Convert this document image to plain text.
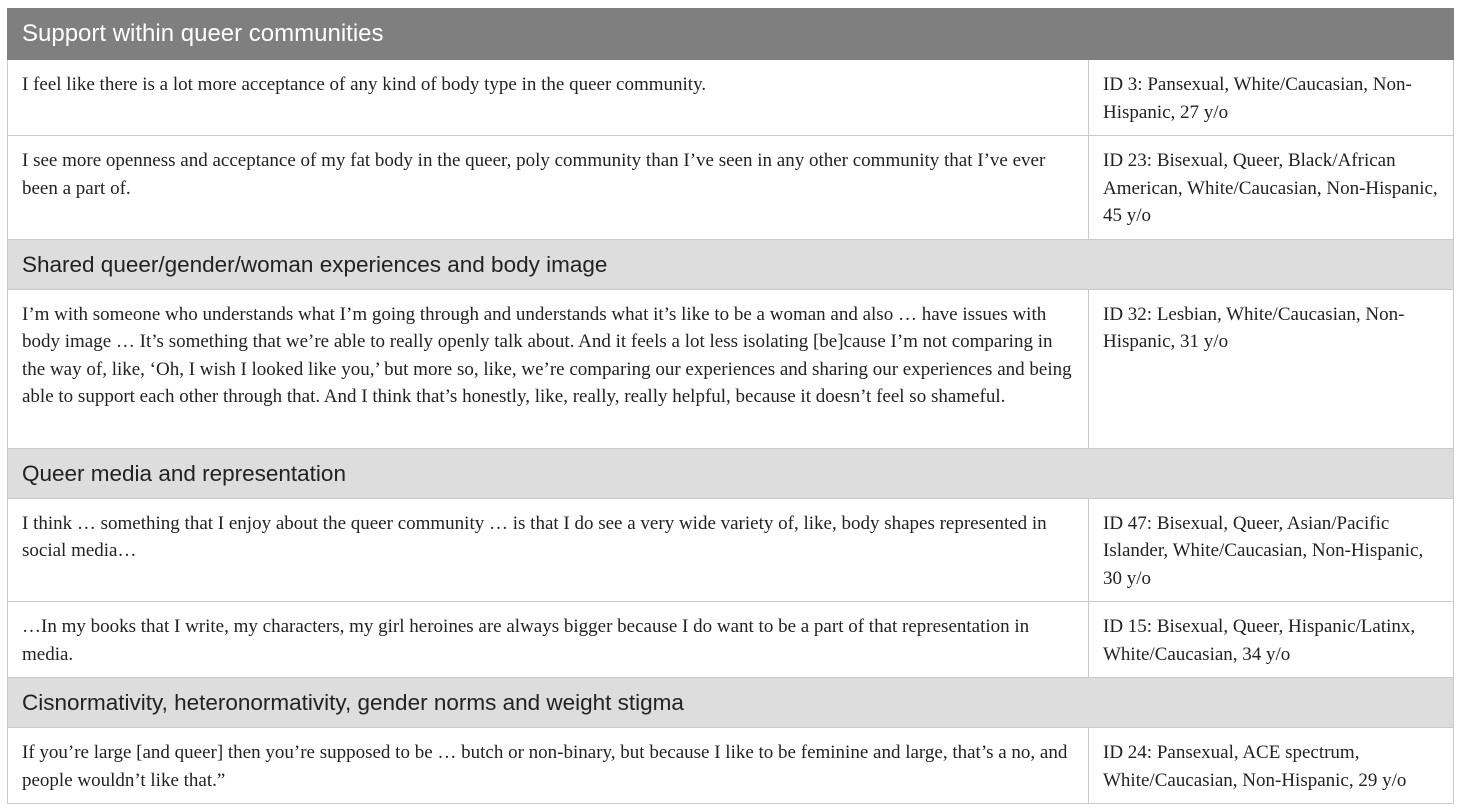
Support within queer communities	
I feel like there is a lot more acceptance of any kind of body type in the queer community.	ID 3: Pansexual, White/Caucasian, Non-Hispanic, 27 y/o
I see more openness and acceptance of my fat body in the queer, poly community than I’ve seen in any other community that I’ve ever been a part of.	ID 23: Bisexual, Queer, Black/African American, White/Caucasian, Non-Hispanic, 45 y/o
Shared queer/gender/woman experiences and body image	
I’m with someone who understands what I’m going through and understands what it’s like to be a woman and also … have issues with body image … It’s something that we’re able to really openly talk about. And it feels a lot less isolating [be]cause I’m not comparing in the way of, like, ‘Oh, I wish I looked like you,’ but more so, like, we’re comparing our experiences and sharing our experiences and being able to support each other through that. And I think that’s honestly, like, really, really helpful, because it doesn’t feel so shameful.	ID 32: Lesbian, White/Caucasian, Non-Hispanic, 31 y/o
Queer media and representation	
I think … something that I enjoy about the queer community … is that I do see a very wide variety of, like, body shapes represented in social media…	ID 47: Bisexual, Queer, Asian/Pacific Islander, White/Caucasian, Non-Hispanic, 30 y/o
…In my books that I write, my characters, my girl heroines are always bigger because I do want to be a part of that representation in media.	ID 15: Bisexual, Queer, Hispanic/Latinx, White/Caucasian, 34 y/o
Cisnormativity, heteronormativity, gender norms and weight stigma	
If you’re large [and queer] then you’re supposed to be … butch or non-binary, but because I like to be feminine and large, that’s a no, and people wouldn’t like that.”	ID 24: Pansexual, ACE spectrum, White/Caucasian, Non-Hispanic, 29 y/o
